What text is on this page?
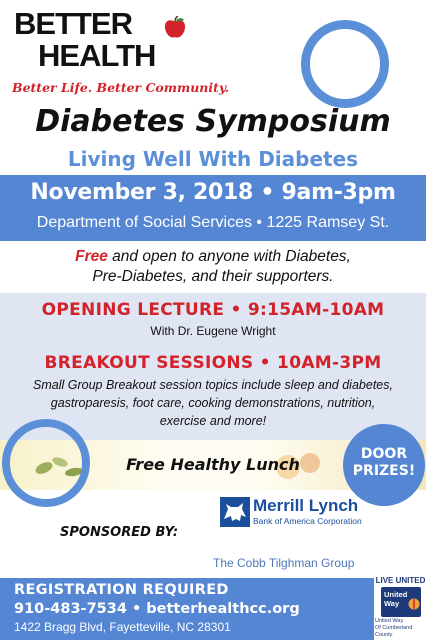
BETTER
HEALTH
Better Life. Better Community.
Diabetes Symposium
Living Well With Diabetes
November 3, 2018 • 9am-3pm
Department of Social Services • 1225 Ramsey St.
Free and open to anyone with Diabetes,
Pre-Diabetes, and their supporters.
OPENING LECTURE • 9:15AM-10AM
With Dr. Eugene Wright
BREAKOUT SESSIONS • 10AM-3PM
Small Group Breakout session topics include sleep and diabetes,
gastroparesis, foot care, cooking demonstrations, nutrition,
exercise and more!
Free Healthy Lunch
DOOR
PRIZES!
Merrill Lynch
Bank of America Corporation
SPONSORED BY:
The Cobb Tilghman Group
REGISTRATION REQUIRED
910-483-7534 • betterhealthcc.org
1422 Bragg Blvd, Fayetteville, NC 28301
LIVE UNITED
United
Way
United Way
Of Cumberland County
